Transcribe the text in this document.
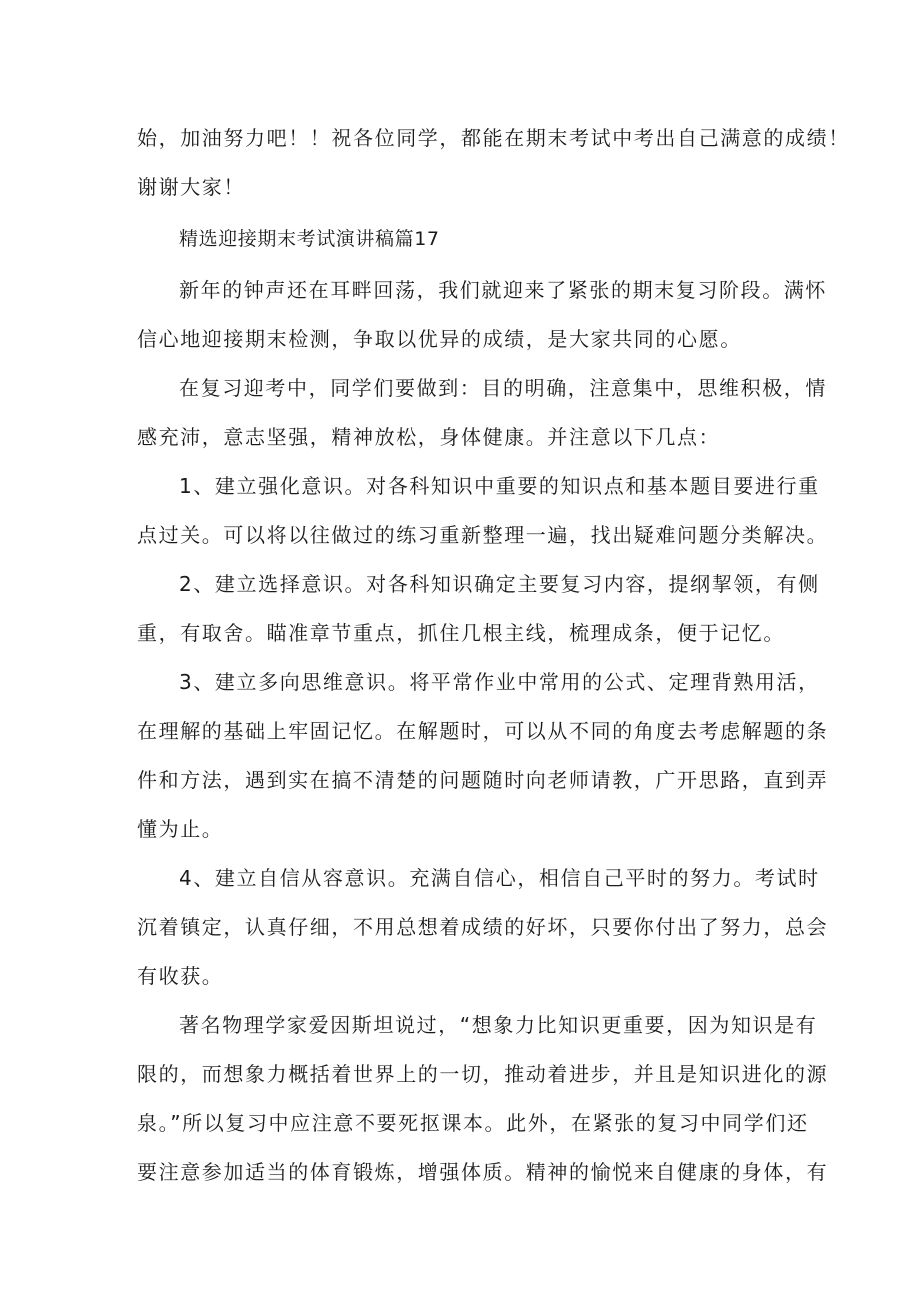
始，加油努力吧！！祝各位同学，都能在期末考试中考出自己满意的成绩！
谢谢大家！

精选迎接期末考试演讲稿篇17

新年的钟声还在耳畔回荡，我们就迎来了紧张的期末复习阶段。满怀
信心地迎接期末检测，争取以优异的成绩，是大家共同的心愿。

在复习迎考中，同学们要做到：目的明确，注意集中，思维积极，情
感充沛，意志坚强，精神放松，身体健康。并注意以下几点：

1、建立强化意识。对各科知识中重要的知识点和基本题目要进行重
点过关。可以将以往做过的练习重新整理一遍，找出疑难问题分类解决。

2、建立选择意识。对各科知识确定主要复习内容，提纲挈领，有侧
重，有取舍。瞄准章节重点，抓住几根主线，梳理成条，便于记忆。

3、建立多向思维意识。将平常作业中常用的公式、定理背熟用活，
在理解的基础上牢固记忆。在解题时，可以从不同的角度去考虑解题的条
件和方法，遇到实在搞不清楚的问题随时向老师请教，广开思路，直到弄
懂为止。

4、建立自信从容意识。充满自信心，相信自己平时的努力。考试时
沉着镇定，认真仔细，不用总想着成绩的好坏，只要你付出了努力，总会
有收获。

著名物理学家爱因斯坦说过，“想象力比知识更重要，因为知识是有
限的，而想象力概括着世界上的一切，推动着进步，并且是知识进化的源
泉。”所以复习中应注意不要死抠课本。此外，在紧张的复习中同学们还
要注意参加适当的体育锻炼，增强体质。精神的愉悦来自健康的身体，有
